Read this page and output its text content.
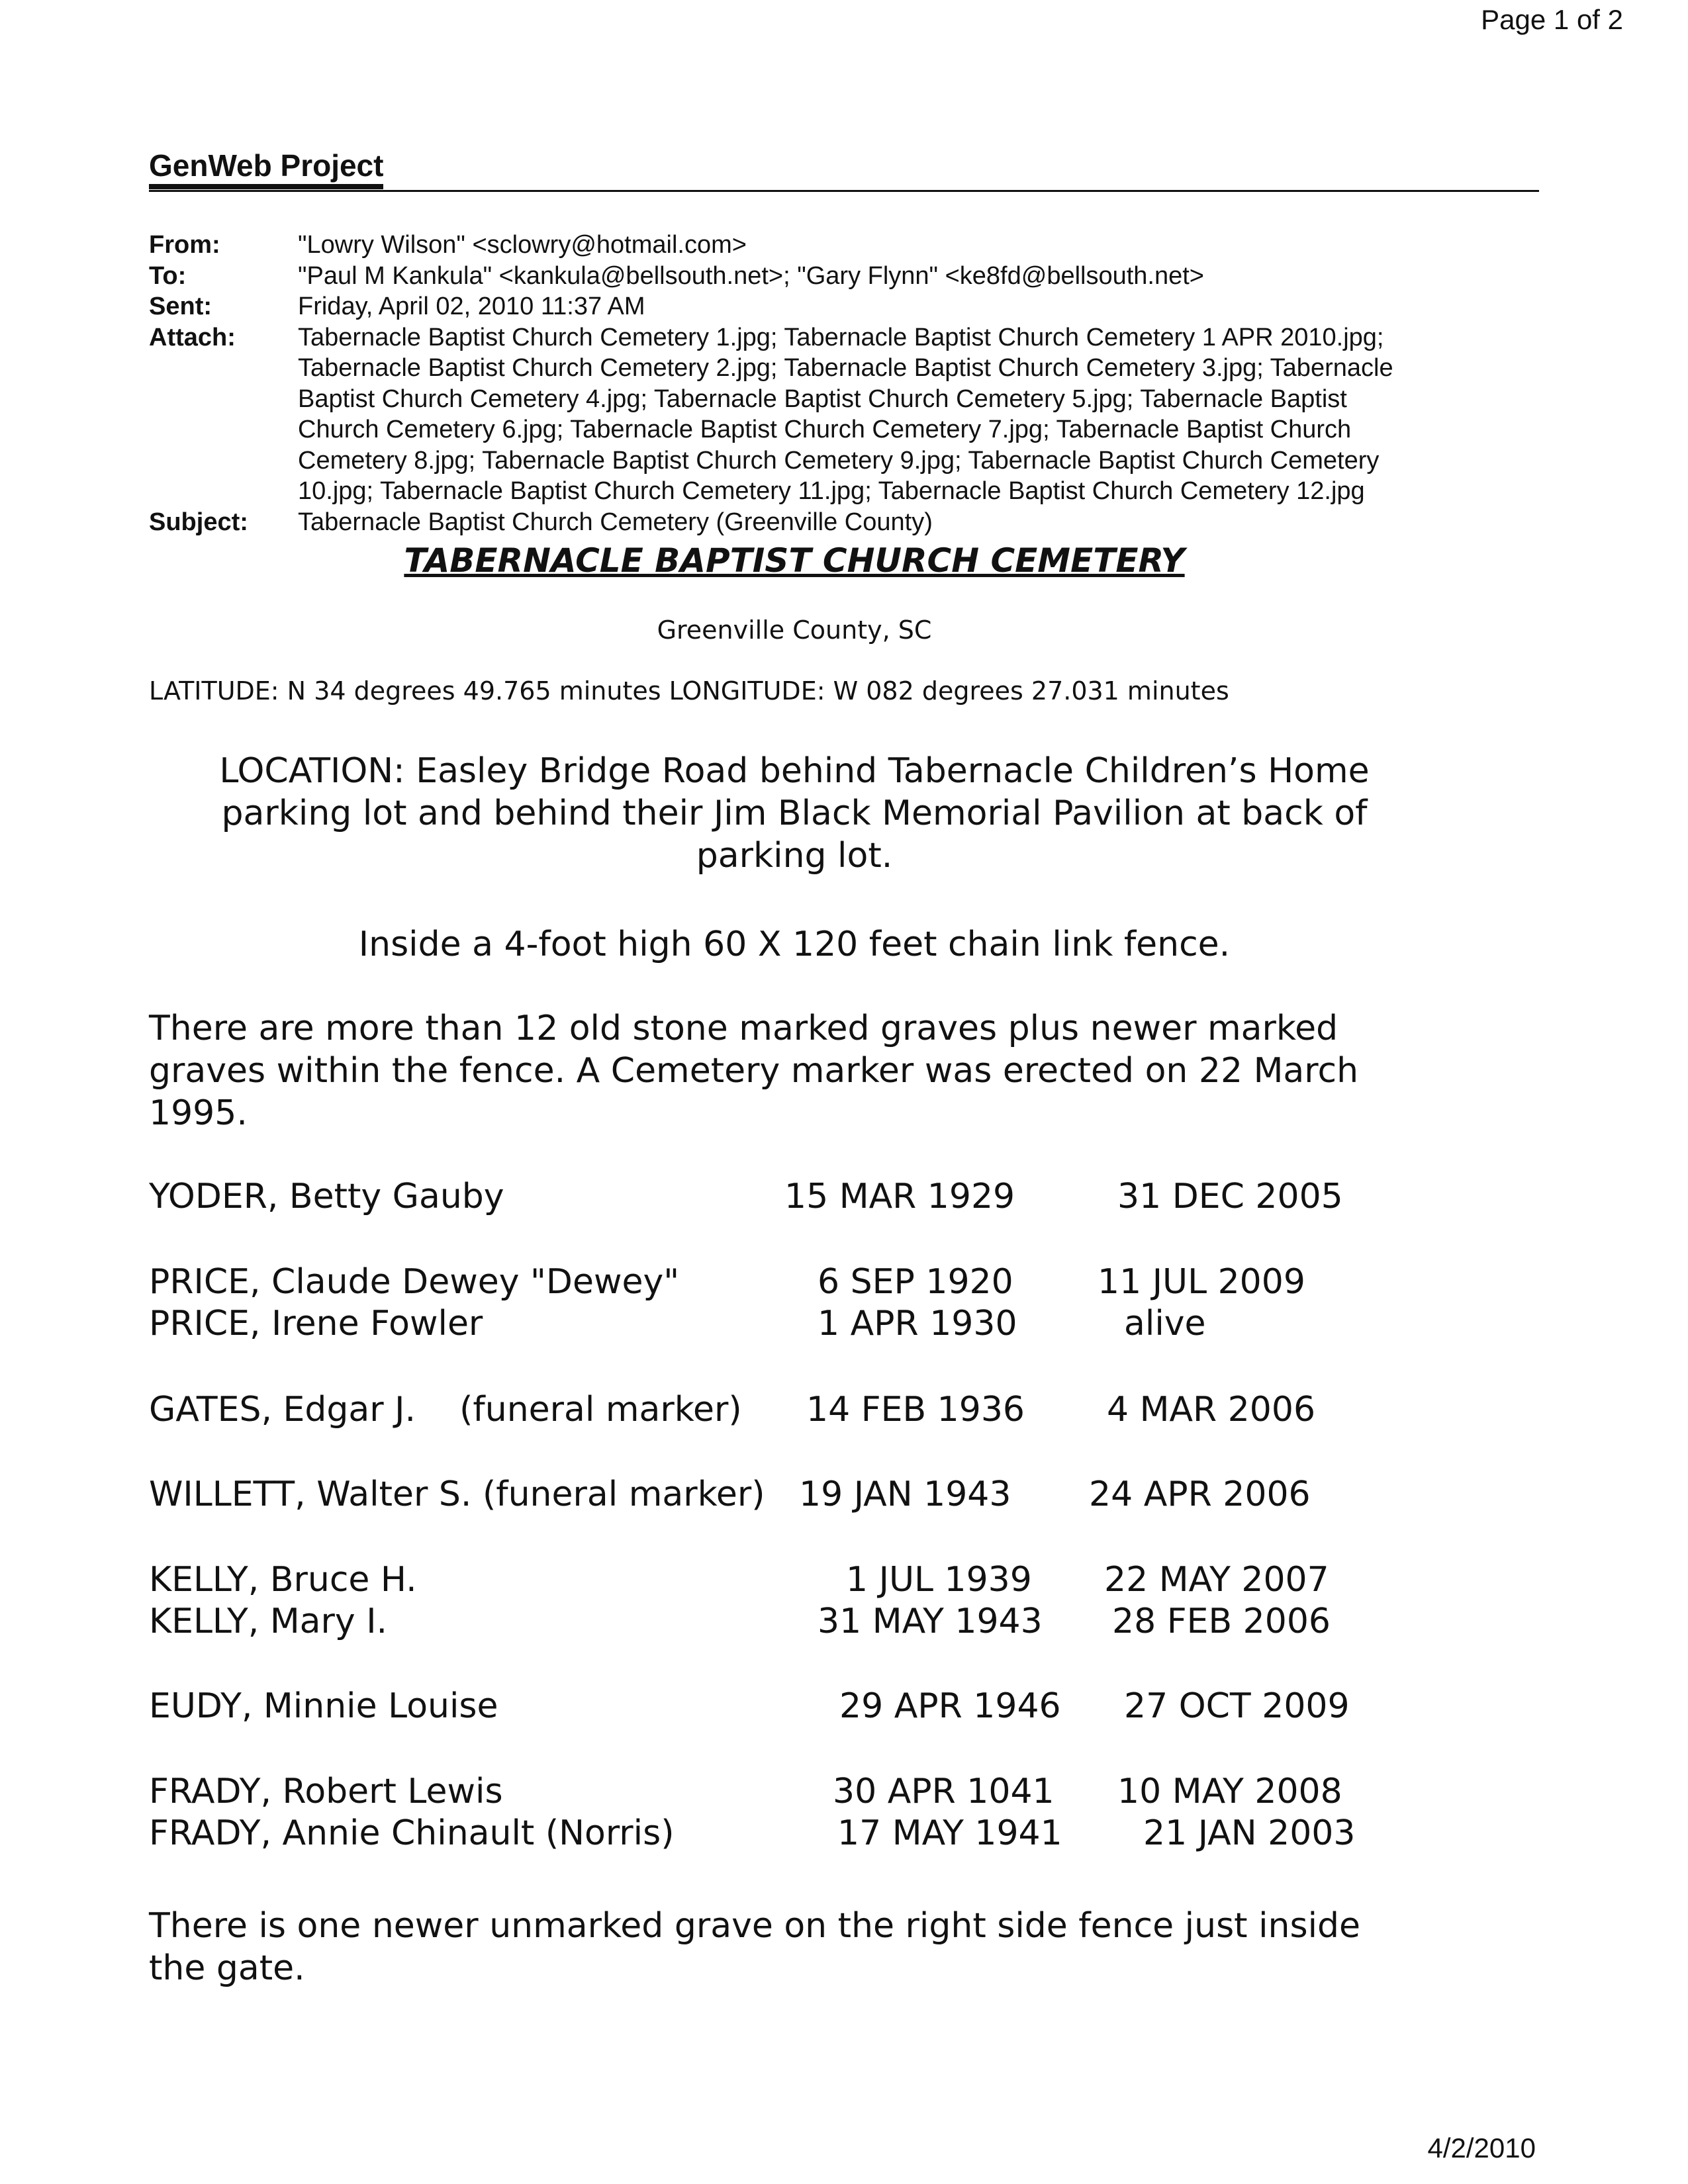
Page 1 of 2
GenWeb Project
From:	"Lowry Wilson" <sclowry@hotmail.com>
To:	"Paul M Kankula" <kankula@bellsouth.net>; "Gary Flynn" <ke8fd@bellsouth.net>
Sent:	Friday, April 02, 2010 11:37 AM
Attach:	Tabernacle Baptist Church Cemetery 1.jpg; Tabernacle Baptist Church Cemetery 1 APR 2010.jpg;
Tabernacle Baptist Church Cemetery 2.jpg; Tabernacle Baptist Church Cemetery 3.jpg; Tabernacle
Baptist Church Cemetery 4.jpg; Tabernacle Baptist Church Cemetery 5.jpg; Tabernacle Baptist
Church Cemetery 6.jpg; Tabernacle Baptist Church Cemetery 7.jpg; Tabernacle Baptist Church
Cemetery 8.jpg; Tabernacle Baptist Church Cemetery 9.jpg; Tabernacle Baptist Church Cemetery
10.jpg; Tabernacle Baptist Church Cemetery 11.jpg; Tabernacle Baptist Church Cemetery 12.jpg
Subject:	Tabernacle Baptist Church Cemetery (Greenville County)
TABERNACLE BAPTIST CHURCH CEMETERY
Greenville County, SC
LATITUDE: N 34 degrees 49.765 minutes LONGITUDE: W 082 degrees 27.031 minutes
LOCATION: Easley Bridge Road behind Tabernacle Children’s Home
parking lot and behind their Jim Black Memorial Pavilion at back of
parking lot.
Inside a 4-foot high 60 X 120 feet chain link fence.
There are more than 12 old stone marked graves plus newer marked
graves within the fence. A Cemetery marker was erected on 22 March
1995.
YODER, Betty Gauby	15 MAR 1929	31 DEC 2005
PRICE, Claude Dewey "Dewey"	6 SEP 1920 11 JUL 2009
PRICE, Irene Fowler	1 APR 1930	alive
GATES, Edgar J.    (funeral marker) 14 FEB 1936 4 MAR 2006
WILLETT, Walter S. (funeral marker) 19 JAN 1943 24 APR 2006
KELLY, Bruce H.	1 JUL 1939 22 MAY 2007
KELLY, Mary I.	31 MAY 1943 28 FEB 2006
EUDY, Minnie Louise	29 APR 1946 27 OCT 2009
FRADY, Robert Lewis	30 APR 1041 10 MAY 2008
FRADY, Annie Chinault (Norris)	17 MAY 1941 21 JAN 2003
There is one newer unmarked grave on the right side fence just inside
the gate.
4/2/2010
